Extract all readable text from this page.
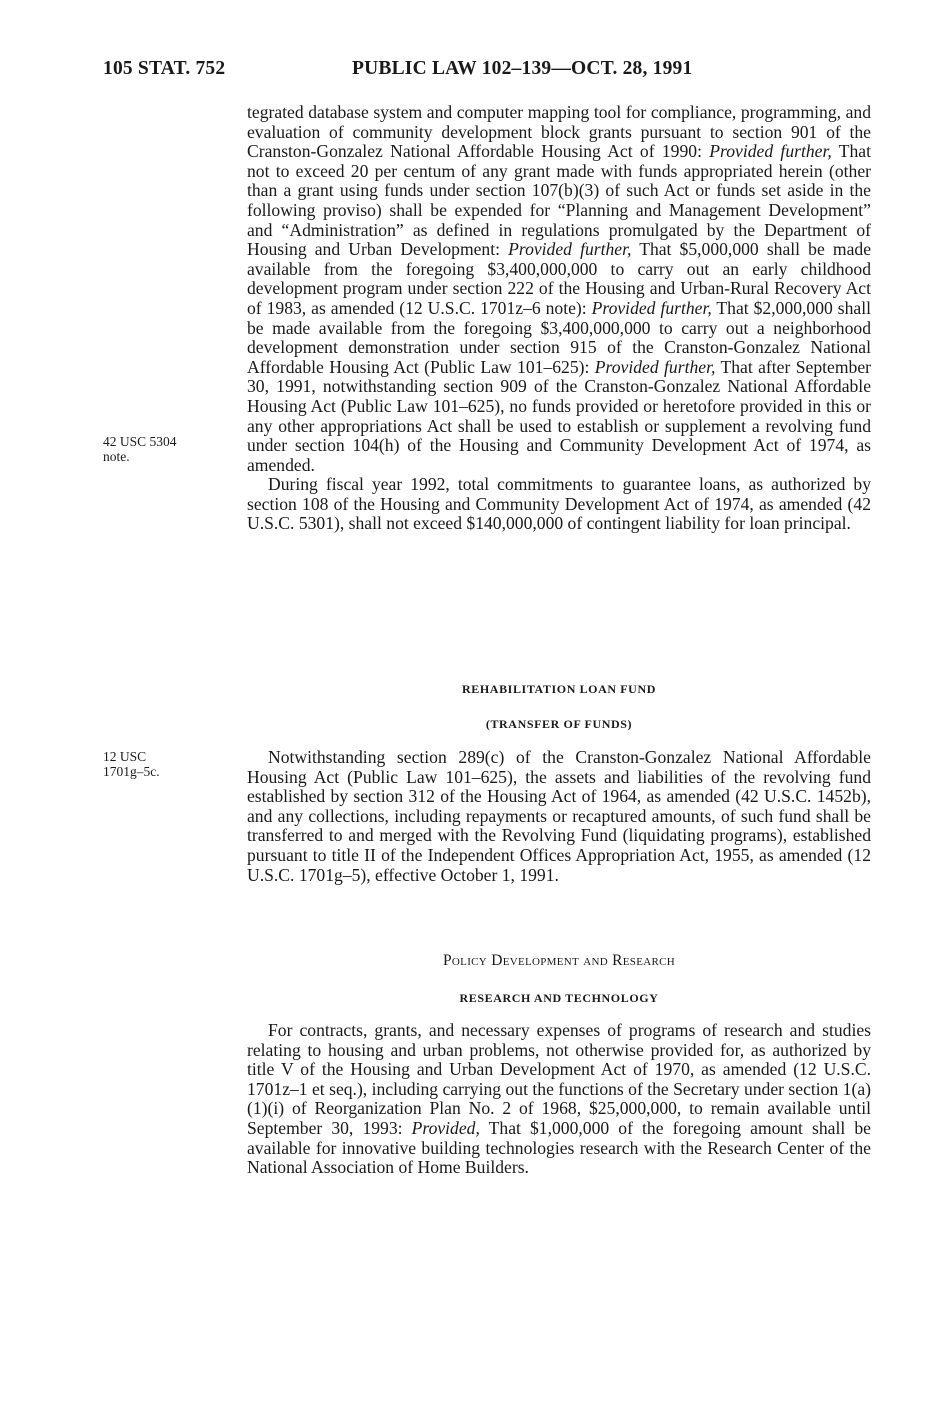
105 STAT. 752	PUBLIC LAW 102–139—OCT. 28, 1991
42 USC 5304
note.
12 USC
1701g–5c.

tegrated database system and computer mapping tool for compliance, programming, and evaluation of community development block grants pursuant to section 901 of the Cranston-Gonzalez National Affordable Housing Act of 1990: Provided further, That not to exceed 20 per centum of any grant made with funds appropriated herein (other than a grant using funds under section 107(b)(3) of such Act or funds set aside in the following proviso) shall be expended for “Planning and Management Development” and “Administration” as defined in regulations promulgated by the Department of Housing and Urban Development: Provided further, That $5,000,000 shall be made available from the foregoing $3,400,000,000 to carry out an early childhood development program under section 222 of the Housing and Urban-Rural Recovery Act of 1983, as amended (12 U.S.C. 1701z–6 note): Provided further, That $2,000,000 shall be made available from the foregoing $3,400,000,000 to carry out a neighborhood development demonstration under section 915 of the Cranston-Gonzalez National Affordable Housing Act (Public Law 101–625): Provided further, That after September 30, 1991, notwithstanding section 909 of the Cranston-Gonzalez National Affordable Housing Act (Public Law 101–625), no funds provided or heretofore provided in this or any other appropriations Act shall be used to establish or supplement a revolving fund under section 104(h) of the Housing and Community Development Act of 1974, as amended.

During fiscal year 1992, total commitments to guarantee loans, as authorized by section 108 of the Housing and Community Development Act of 1974, as amended (42 U.S.C. 5301), shall not exceed $140,000,000 of contingent liability for loan principal.

REHABILITATION LOAN FUND
(TRANSFER OF FUNDS)

Notwithstanding section 289(c) of the Cranston-Gonzalez National Affordable Housing Act (Public Law 101–625), the assets and liabilities of the revolving fund established by section 312 of the Housing Act of 1964, as amended (42 U.S.C. 1452b), and any collections, including repayments or recaptured amounts, of such fund shall be transferred to and merged with the Revolving Fund (liquidating programs), established pursuant to title II of the Independent Offices Appropriation Act, 1955, as amended (12 U.S.C. 1701g–5), effective October 1, 1991.

Policy Development and Research
RESEARCH AND TECHNOLOGY

For contracts, grants, and necessary expenses of programs of research and studies relating to housing and urban problems, not otherwise provided for, as authorized by title V of the Housing and Urban Development Act of 1970, as amended (12 U.S.C. 1701z–1 et seq.), including carrying out the functions of the Secretary under section 1(a)(1)(i) of Reorganization Plan No. 2 of 1968, $25,000,000, to remain available until September 30, 1993: Provided, That $1,000,000 of the foregoing amount shall be available for innovative building technologies research with the Research Center of the National Association of Home Builders.
